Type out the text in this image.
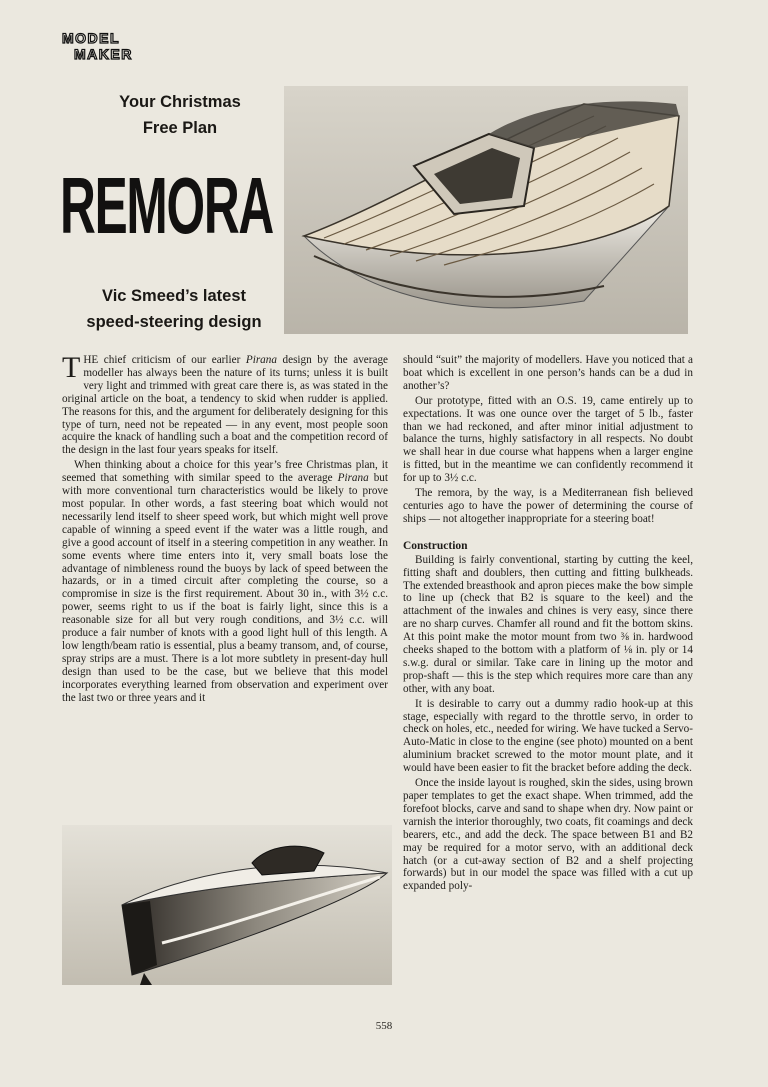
MODEL
MAKER
Your Christmas
Free Plan
REMORA
Vic Smeed’s latest
speed-steering design

THE chief criticism of our earlier Pirana design by the average modeller has always been the nature of its turns; unless it is built very light and trimmed with great care there is, as was stated in the original article on the boat, a tendency to skid when rudder is applied. The reasons for this, and the argument for deliberately designing for this type of turn, need not be repeated — in any event, most people soon acquire the knack of handling such a boat and the competition record of the design in the last four years speaks for itself.

When thinking about a choice for this year’s free Christmas plan, it seemed that something with similar speed to the average Pirana but with more conventional turn characteristics would be likely to prove most popular. In other words, a fast steering boat which would not necessarily lend itself to sheer speed work, but which might well prove capable of winning a speed event if the water was a little rough, and give a good account of itself in a steering competition in any weather. In some events where time enters into it, very small boats lose the advantage of nimbleness round the buoys by lack of speed between the hazards, or in a timed circuit after completing the course, so a compromise in size is the first requirement. About 30 in., with 3½ c.c. power, seems right to us if the boat is fairly light, since this is a reasonable size for all but very rough conditions, and 3½ c.c. will produce a fair number of knots with a good light hull of this length. A low length/beam ratio is essential, plus a beamy transom, and, of course, spray strips are a must. There is a lot more subtlety in present-day hull design than used to be the case, but we believe that this model incorporates everything learned from observation and experiment over the last two or three years and it

should “suit” the majority of modellers. Have you noticed that a boat which is excellent in one person’s hands can be a dud in another’s?

Our prototype, fitted with an O.S. 19, came entirely up to expectations. It was one ounce over the target of 5 lb., faster than we had reckoned, and after minor initial adjustment to balance the turns, highly satisfactory in all respects. No doubt we shall hear in due course what happens when a larger engine is fitted, but in the meantime we can confidently recommend it for up to 3½ c.c.

The remora, by the way, is a Mediterranean fish believed centuries ago to have the power of determining the course of ships — not altogether inappropriate for a steering boat!

Construction

Building is fairly conventional, starting by cutting the keel, fitting shaft and doublers, then cutting and fitting bulkheads. The extended breasthook and apron pieces make the bow simple to line up (check that B2 is square to the keel) and the attachment of the inwales and chines is very easy, since there are no sharp curves. Chamfer all round and fit the bottom skins. At this point make the motor mount from two ⅜ in. hardwood cheeks shaped to the bottom with a platform of ⅛ in. ply or 14 s.w.g. dural or similar. Take care in lining up the motor and prop-shaft — this is the step which requires more care than any other, with any boat.

It is desirable to carry out a dummy radio hook-up at this stage, especially with regard to the throttle servo, in order to check on holes, etc., needed for wiring. We have tucked a Servo-Auto-Matic in close to the engine (see photo) mounted on a bent aluminium bracket screwed to the motor mount plate, and it would have been easier to fit the bracket before adding the deck.

Once the inside layout is roughed, skin the sides, using brown paper templates to get the exact shape. When trimmed, add the forefoot blocks, carve and sand to shape when dry. Now paint or varnish the interior thoroughly, two coats, fit coamings and deck bearers, etc., and add the deck. The space between B1 and B2 may be required for a motor servo, with an additional deck hatch (or a cut-away section of B2 and a shelf projecting forwards) but in our model the space was filled with a cut up expanded poly-

558
